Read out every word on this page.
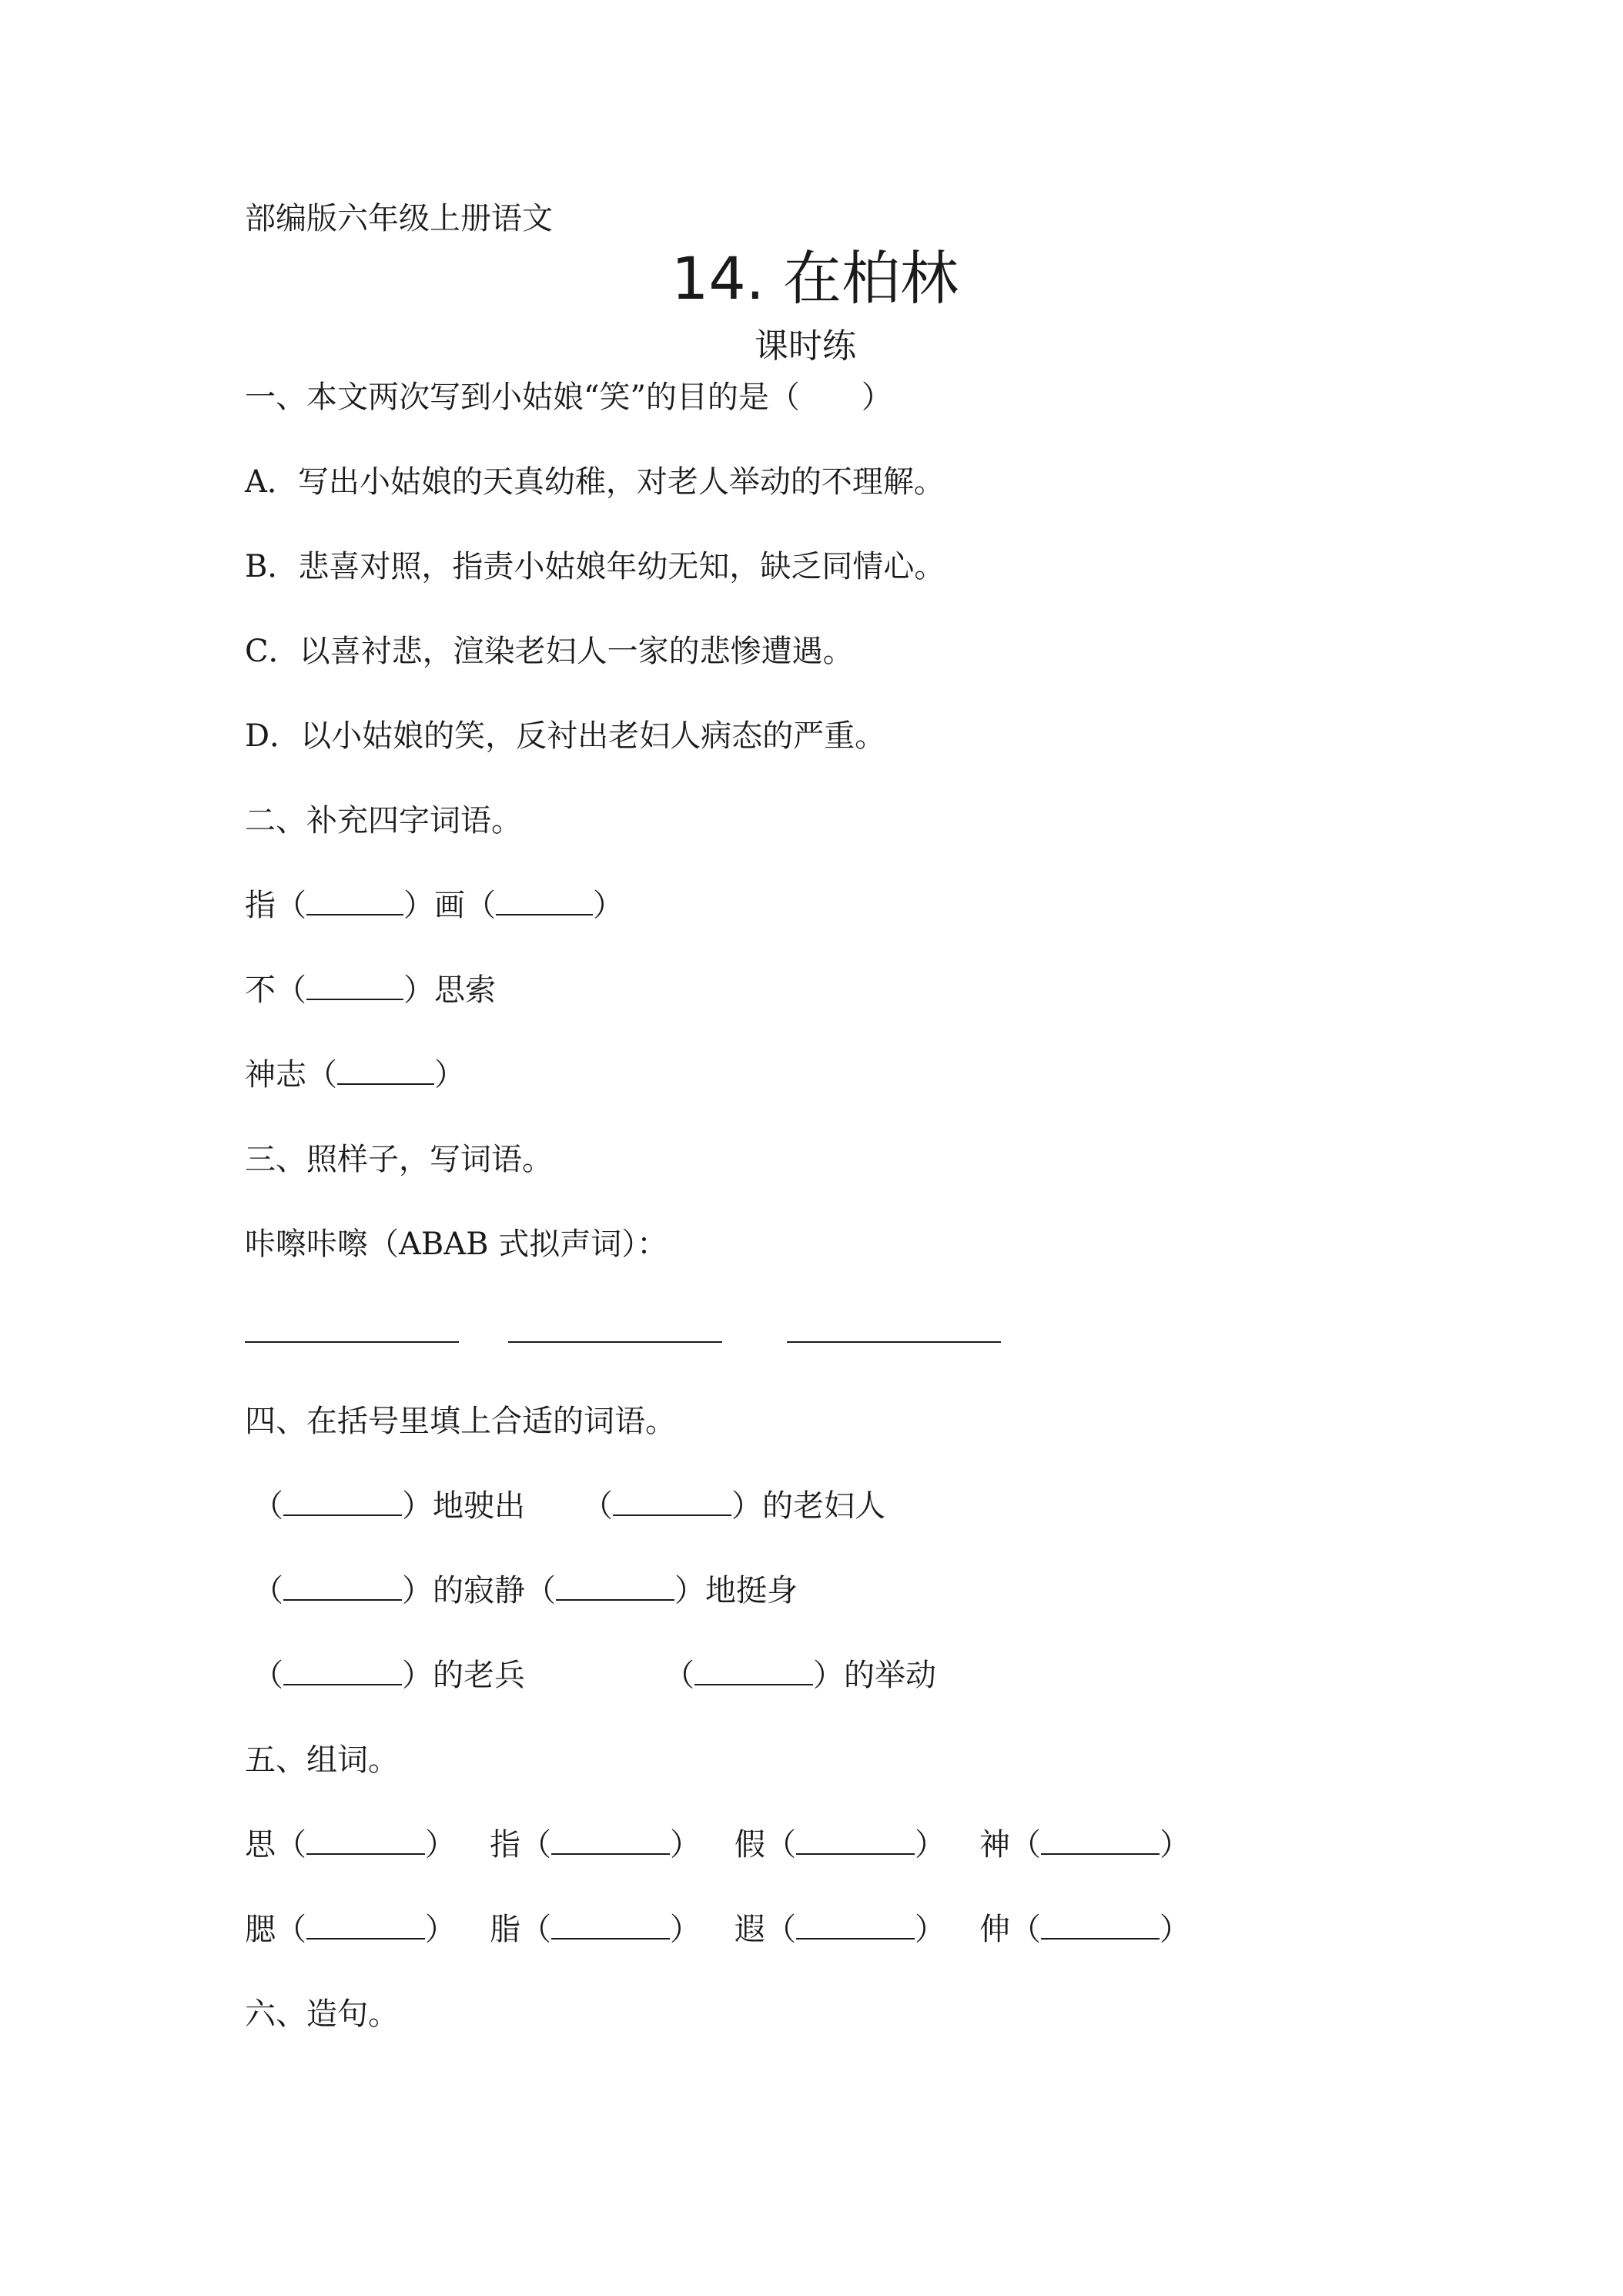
部编版六年级上册语文
14. 在柏林
课时练
一、本文两次写到小姑娘“笑”的目的是（　　）
A．写出小姑娘的天真幼稚，对老人举动的不理解。
B．悲喜对照，指责小姑娘年幼无知，缺乏同情心。
C．以喜衬悲，渲染老妇人一家的悲惨遭遇。
D．以小姑娘的笑，反衬出老妇人病态的严重。
二、补充四字词语。
指（	）画（	）
不（	）思索
神志（	）
三、照样子，写词语。
咔嚓咔嚓（ABAB 式拟声词）：
四、在括号里填上合适的词语。
（	）地驶出 （	）的老妇人
（	）的寂静（	）地挺身
（	）的老兵	（	）的举动
五、组词。
思（	） 指（	） 假（	） 神（	）
腮（	） 脂（	） 遐（	） 伸（	）
六、造句。
